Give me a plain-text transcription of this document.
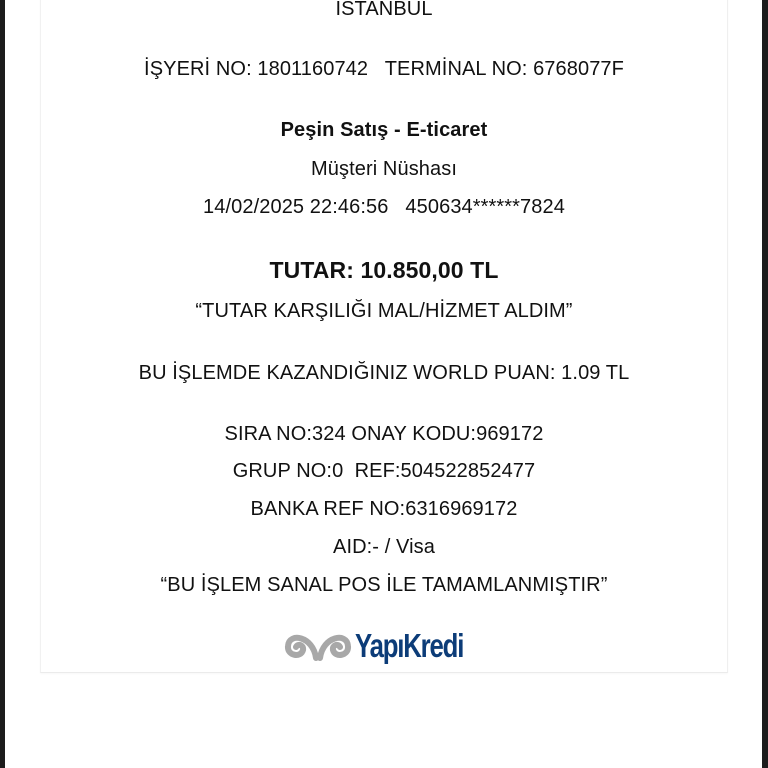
ISTANBUL
İŞYERİ NO: 1801160742   TERMİNAL NO: 6768077F
Peşin Satış - E-ticaret
Müşteri Nüshası
14/02/2025 22:46:56   450634******7824
TUTAR: 10.850,00 TL
“TUTAR KARŞILIĞI MAL/HİZMET ALDIM”
BU İŞLEMDE KAZANDIĞINIZ WORLD PUAN: 1.09 TL
SIRA NO:324 ONAY KODU:969172
GRUP NO:0  REF:504522852477
BANKA REF NO:6316969172
AID:- / Visa
“BU İŞLEM SANAL POS İLE TAMAMLANMIŞTIR”
YapıKredi
